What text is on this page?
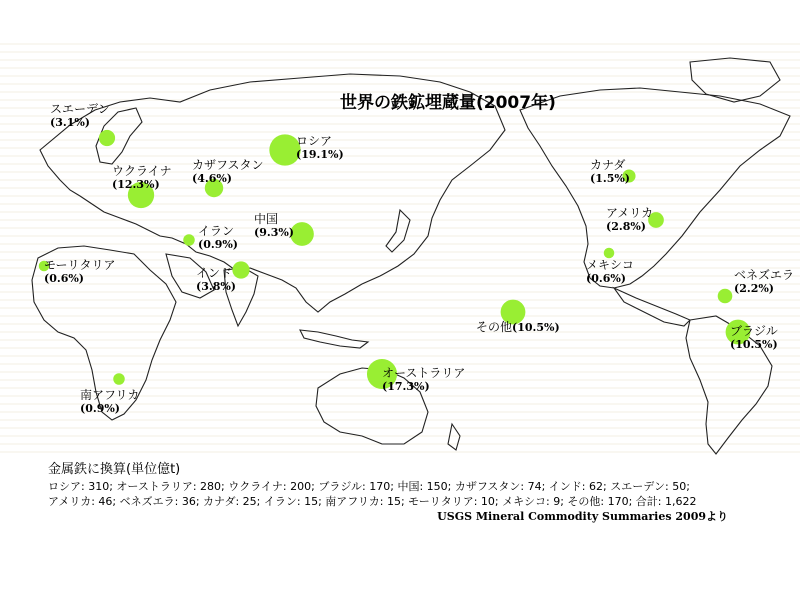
世界の鉄鉱埋蔵量(2007年)
ロシア
(19.1%)
オーストラリア
(17.3%)
ウクライナ
(12.3%)
ブラジル
(10.5%)
その他(10.5%)
中国
(9.3%)
カザフスタン
(4.6%)
インド
(3.8%)
スエーデン
(3.1%)
アメリカ
(2.8%)
ベネズエラ
(2.2%)
カナダ
(1.5%)
イラン
(0.9%)
南アフリカ
(0.9%)
モーリタリア
(0.6%)
メキシコ
(0.6%)
金属鉄に換算(単位億t)
ロシア: 310; オーストラリア: 280; ウクライナ: 200; ブラジル: 170; 中国: 150; カザフスタン: 74; インド: 62; スエーデン: 50;
アメリカ: 46; ベネズエラ: 36; カナダ: 25; イラン: 15; 南アフリカ: 15; モーリタリア: 10; メキシコ: 9; その他: 170; 合計: 1,622
USGS Mineral Commodity Summaries 2009より
